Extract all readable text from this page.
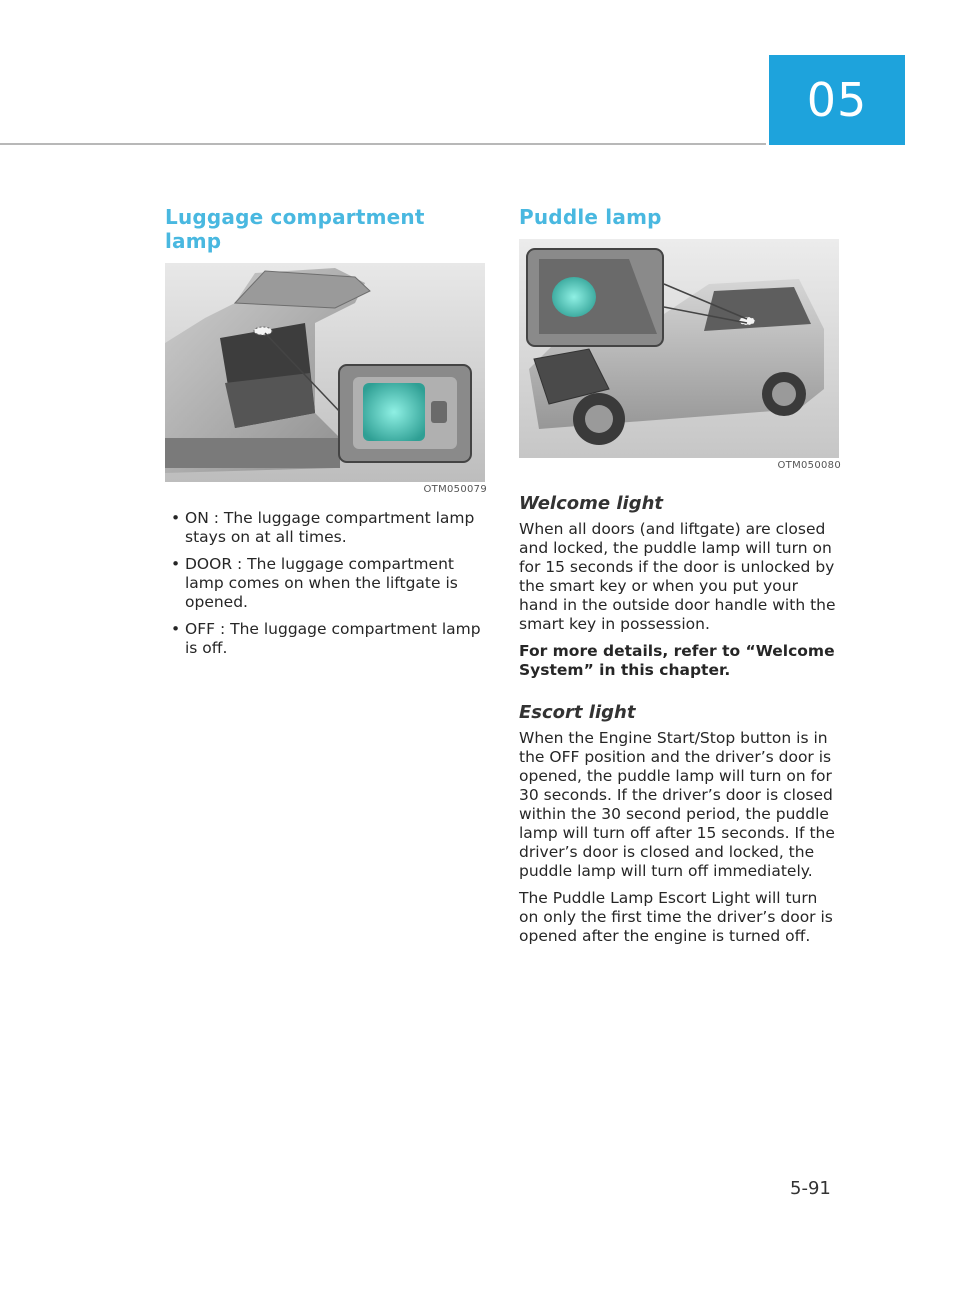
05
Luggage compartment lamp
OTM050079
• ON : The luggage compartment lamp stays on at all times.
• DOOR : The luggage compartment lamp comes on when the liftgate is opened.
• OFF : The luggage compartment lamp is off.
Puddle lamp
OTM050080
Welcome light

When all doors (and liftgate) are closed and locked, the puddle lamp will turn on for 15 seconds if the door is unlocked by the smart key or when you put your hand in the outside door handle with the smart key in possession.

For more details, refer to “Welcome System” in this chapter.

Escort light

When the Engine Start/Stop button is in the OFF position and the driver’s door is opened, the puddle lamp will turn on for 30 seconds. If the driver’s door is closed within the 30 second period, the puddle lamp will turn off after 15 seconds. If the driver’s door is closed and locked, the puddle lamp will turn off immediately.

The Puddle Lamp Escort Light will turn on only the first time the driver’s door is opened after the engine is turned off.

5-91
